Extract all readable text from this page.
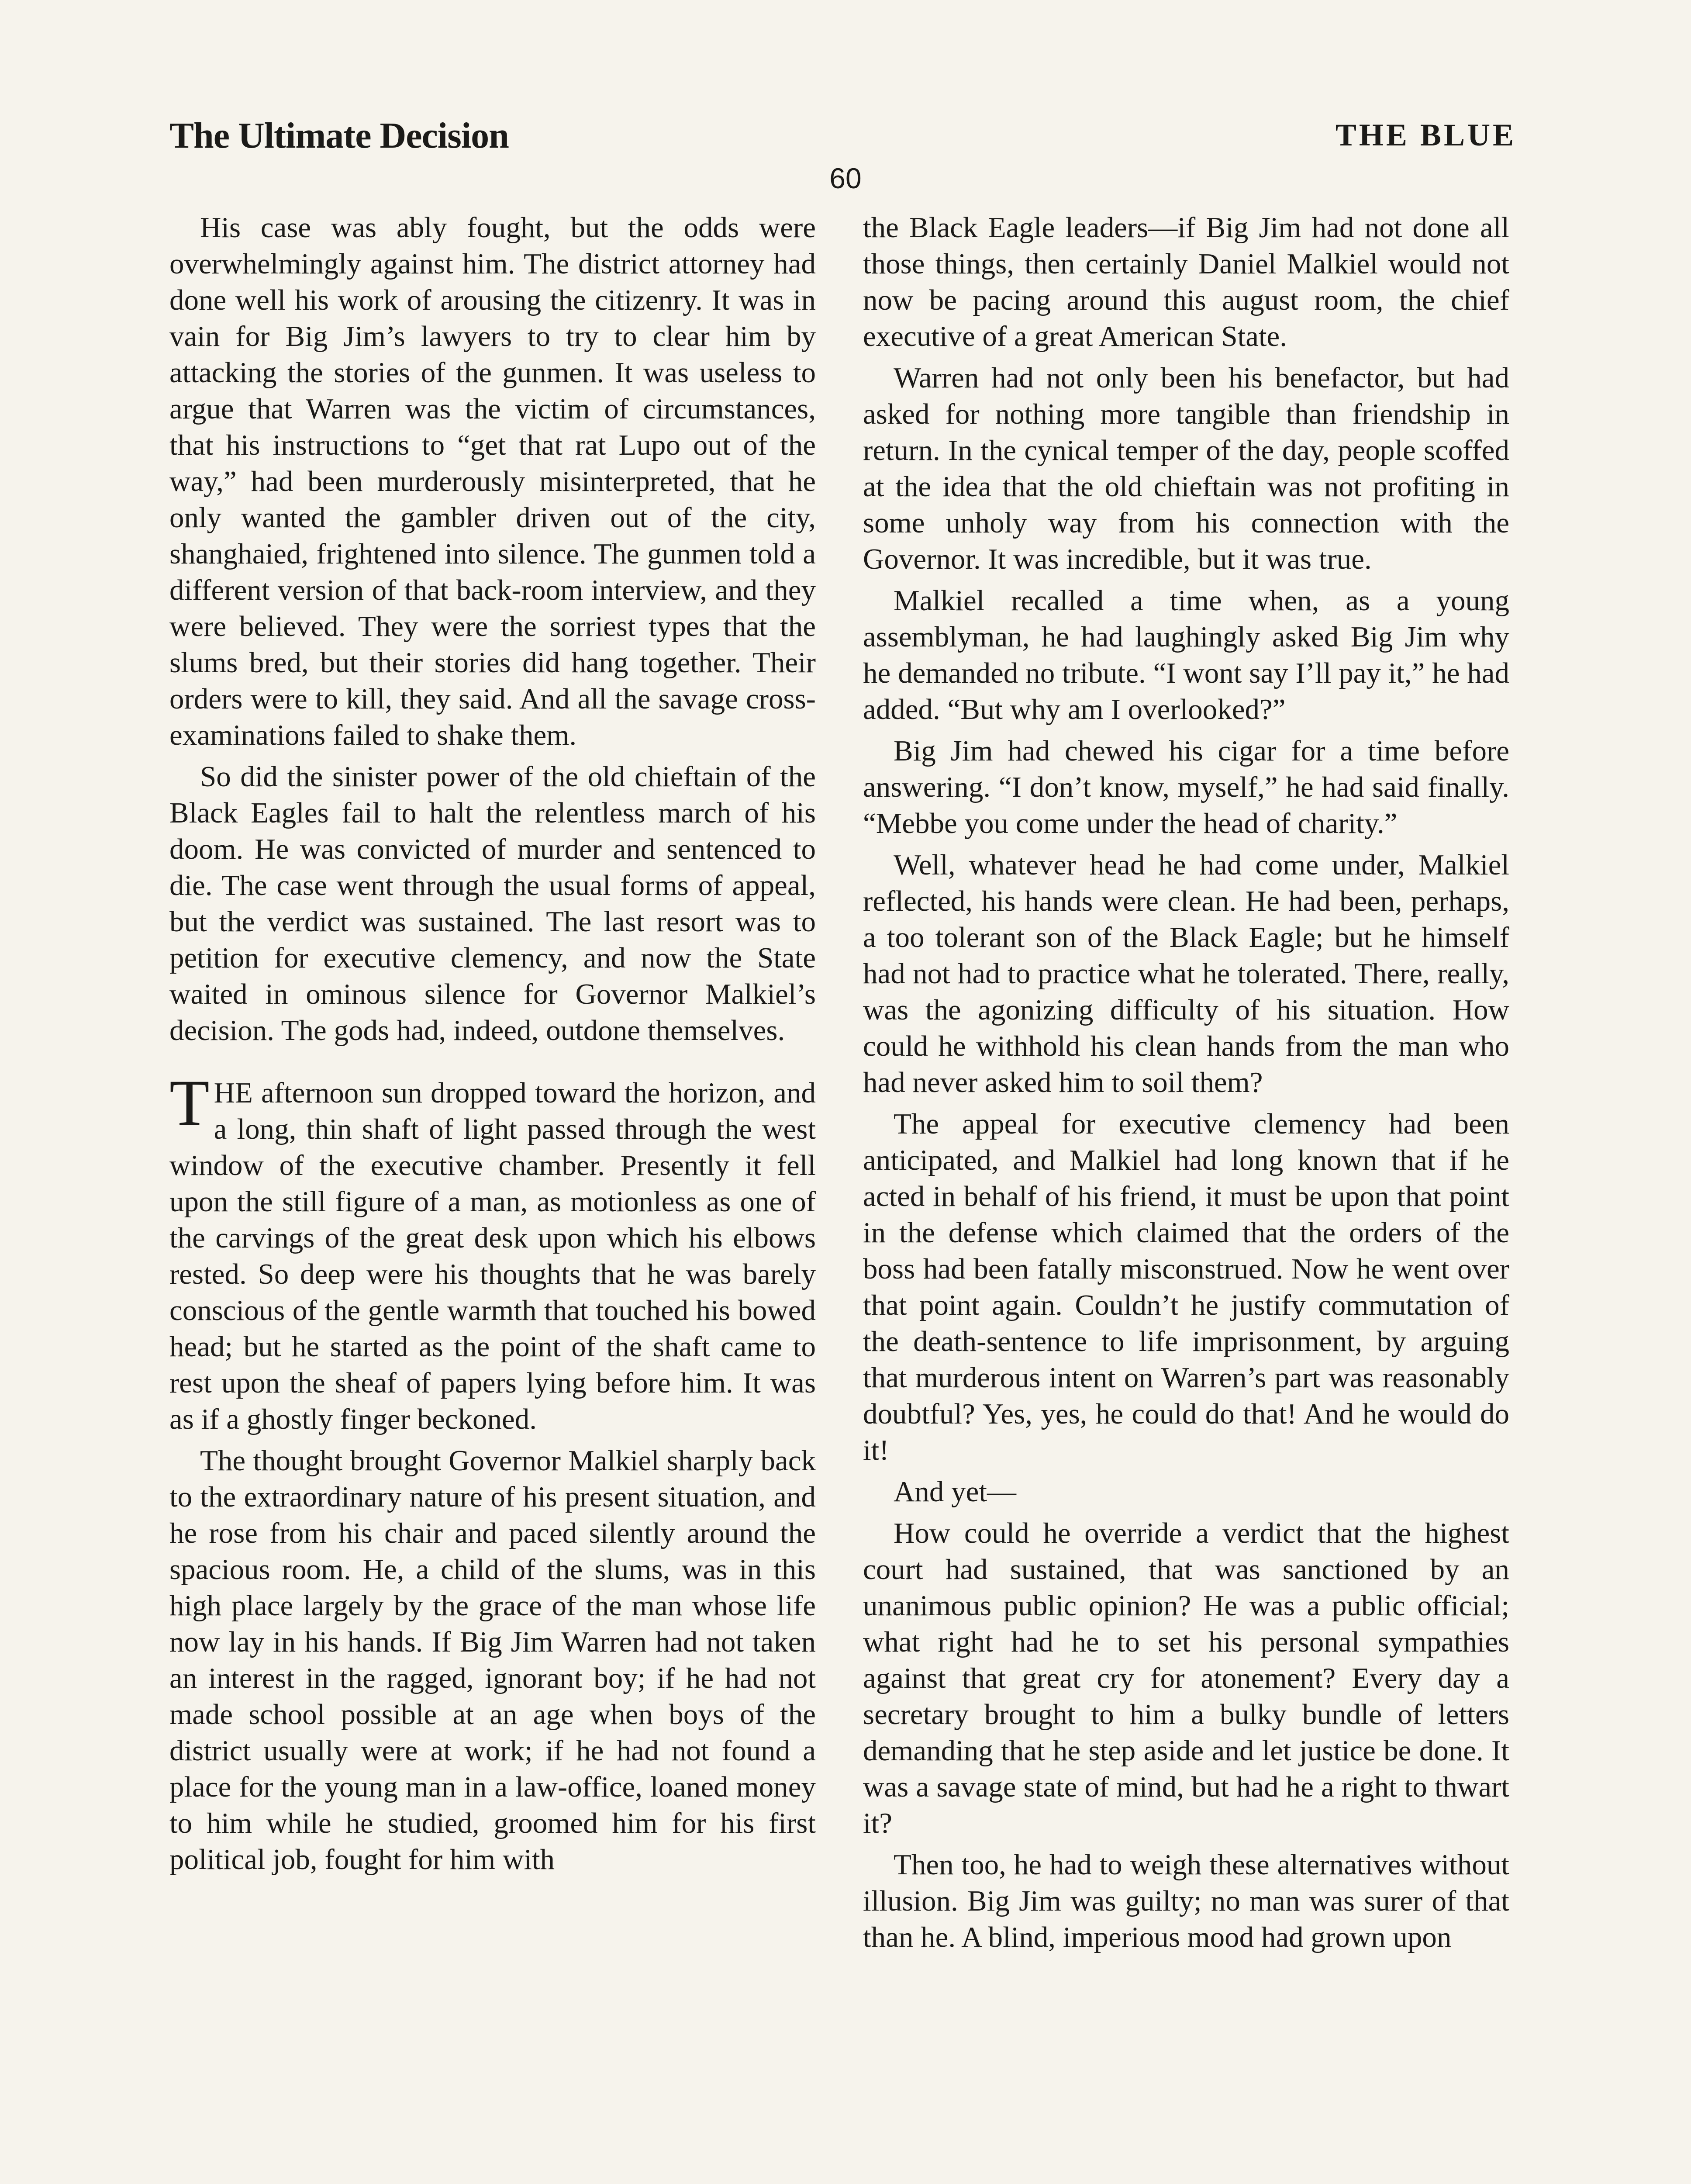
The Ultimate Decision	THE BLUE
60

His case was ably fought, but the odds were overwhelmingly against him. The district attorney had done well his work of arousing the citizenry. It was in vain for Big Jim’s lawyers to try to clear him by attacking the stories of the gunmen. It was useless to argue that Warren was the victim of circumstances, that his instructions to “get that rat Lupo out of the way,” had been murderously misinterpreted, that he only wanted the gambler driven out of the city, shanghaied, frightened into silence. The gunmen told a different version of that back-room interview, and they were believed. They were the sorriest types that the slums bred, but their stories did hang together. Their orders were to kill, they said. And all the savage cross-examinations failed to shake them.

So did the sinister power of the old chieftain of the Black Eagles fail to halt the relentless march of his doom. He was convicted of murder and sentenced to die. The case went through the usual forms of appeal, but the verdict was sustained. The last resort was to petition for executive clemency, and now the State waited in ominous silence for Governor Malkiel’s decision. The gods had, indeed, outdone themselves.

THE afternoon sun dropped toward the horizon, and a long, thin shaft of light passed through the west window of the executive chamber. Presently it fell upon the still figure of a man, as motionless as one of the carvings of the great desk upon which his elbows rested. So deep were his thoughts that he was barely conscious of the gentle warmth that touched his bowed head; but he started as the point of the shaft came to rest upon the sheaf of papers lying before him. It was as if a ghostly finger beckoned.

The thought brought Governor Malkiel sharply back to the extraordinary nature of his present situation, and he rose from his chair and paced silently around the spacious room. He, a child of the slums, was in this high place largely by the grace of the man whose life now lay in his hands. If Big Jim Warren had not taken an interest in the ragged, ignorant boy; if he had not made school possible at an age when boys of the district usually were at work; if he had not found a place for the young man in a law-office, loaned money to him while he studied, groomed him for his first political job, fought for him with

the Black Eagle leaders—if Big Jim had not done all those things, then certainly Daniel Malkiel would not now be pacing around this august room, the chief executive of a great American State.

Warren had not only been his benefactor, but had asked for nothing more tangible than friendship in return. In the cynical temper of the day, people scoffed at the idea that the old chieftain was not profiting in some unholy way from his connection with the Governor. It was incredible, but it was true.

Malkiel recalled a time when, as a young assemblyman, he had laughingly asked Big Jim why he demanded no tribute. “I wont say I’ll pay it,” he had added. “But why am I overlooked?”

Big Jim had chewed his cigar for a time before answering. “I don’t know, myself,” he had said finally. “Mebbe you come under the head of charity.”

Well, whatever head he had come under, Malkiel reflected, his hands were clean. He had been, perhaps, a too tolerant son of the Black Eagle; but he himself had not had to practice what he tolerated. There, really, was the agonizing difficulty of his situation. How could he withhold his clean hands from the man who had never asked him to soil them?

The appeal for executive clemency had been anticipated, and Malkiel had long known that if he acted in behalf of his friend, it must be upon that point in the defense which claimed that the orders of the boss had been fatally misconstrued. Now he went over that point again. Couldn’t he justify commutation of the death-sentence to life imprisonment, by arguing that murderous intent on Warren’s part was reasonably doubtful? Yes, yes, he could do that! And he would do it!

And yet—

How could he override a verdict that the highest court had sustained, that was sanctioned by an unanimous public opinion? He was a public official; what right had he to set his personal sympathies against that great cry for atonement? Every day a secretary brought to him a bulky bundle of letters demanding that he step aside and let justice be done. It was a savage state of mind, but had he a right to thwart it?

Then too, he had to weigh these alternatives without illusion. Big Jim was guilty; no man was surer of that than he. A blind, imperious mood had grown upon
